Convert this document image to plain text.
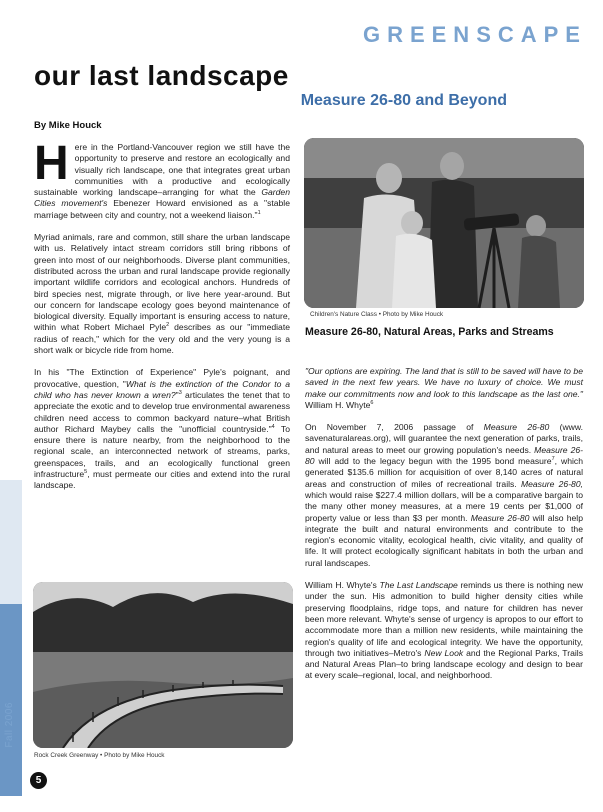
GREENSCAPE
our last landscape
Measure 26-80 and Beyond
By Mike Houck

Here in the Portland-Vancouver region we still have the opportunity to preserve and restore an ecologically and visually rich landscape, one that integrates great urban communities with a productive and ecologically sustainable working landscape–arranging for what the Garden Cities movement's Ebenezer Howard envisioned as a "stable marriage between city and country, not a weekend liaison."$^1$

Myriad animals, rare and common, still share the urban landscape with us. Relatively intact stream corridors still bring ribbons of green into most of our neighborhoods. Diverse plant communities, distributed across the urban and rural landscape provide regionally important wildlife corridors and ecological anchors. Hundreds of bird species nest, migrate through, or live here year-around. But our concern for landscape ecology goes beyond maintenance of biological diversity. Equally important is ensuring access to nature, within what Robert Michael Pyle$^2$ describes as our "immediate radius of reach," which for the very old and the very young is a short walk or bicycle ride from home.

In his "The Extinction of Experience" Pyle's poignant, and provocative, question, "What is the extinction of the Condor to a child who has never known a wren?"$^3$ articulates the tenet that to appreciate the exotic and to develop true environmental awareness children need access to common backyard nature–what British author Richard Maybey calls the "unofficial countryside."$^4$ To ensure there is nature nearby, from the neighborhood to the regional scale, an interconnected network of streams, parks, greenspaces, trails, and an ecologically functional green infrastructure$^5$, must permeate our cities and extend into the rural landscape.

Children's Nature Class • Photo by Mike Houck
Measure 26-80, Natural Areas, Parks and Streams

"Our options are expiring. The land that is still to be saved will have to be saved in the next few years. We have no luxury of choice. We must make our commitments now and look to this landscape as the last one." William H. Whyte$^6$

On November 7, 2006 passage of Measure 26-80 (www. savenaturalareas.org), will guarantee the next generation of parks, trails, and natural areas to meet our growing population's needs. Measure 26-80 will add to the legacy begun with the 1995 bond measure$^7$, which generated $135.6 million for acquisition of over 8,140 acres of natural areas and construction of miles of recreational trails. Measure 26-80, which would raise $227.4 million dollars, will be a comparative bargain to the many other money measures, at a mere 19 cents per $1,000 of property value or less than $3 per month. Measure 26-80 will also help integrate the built and natural environments and contribute to the region's economic vitality, ecological health, civic vitality, and quality of life. It will protect ecologically significant habitats in both the urban and rural landscapes.

William H. Whyte's The Last Landscape reminds us there is nothing new under the sun. His admonition to build higher density cities while preserving floodplains, ridge tops, and nature for children has never been more relevant. Whyte's sense of urgency is apropos to our effort to accommodate more than a million new residents, while maintaining the region's quality of life and ecological integrity. We have the opportunity, through two initiatives–Metro's New Look and the Regional Parks, Trails and Natural Areas Plan–to bring landscape ecology and design to bear at every scale–regional, local, and neighborhood.

Rock Creek Greenway • Photo by Mike Houck
Fall 2006
5
